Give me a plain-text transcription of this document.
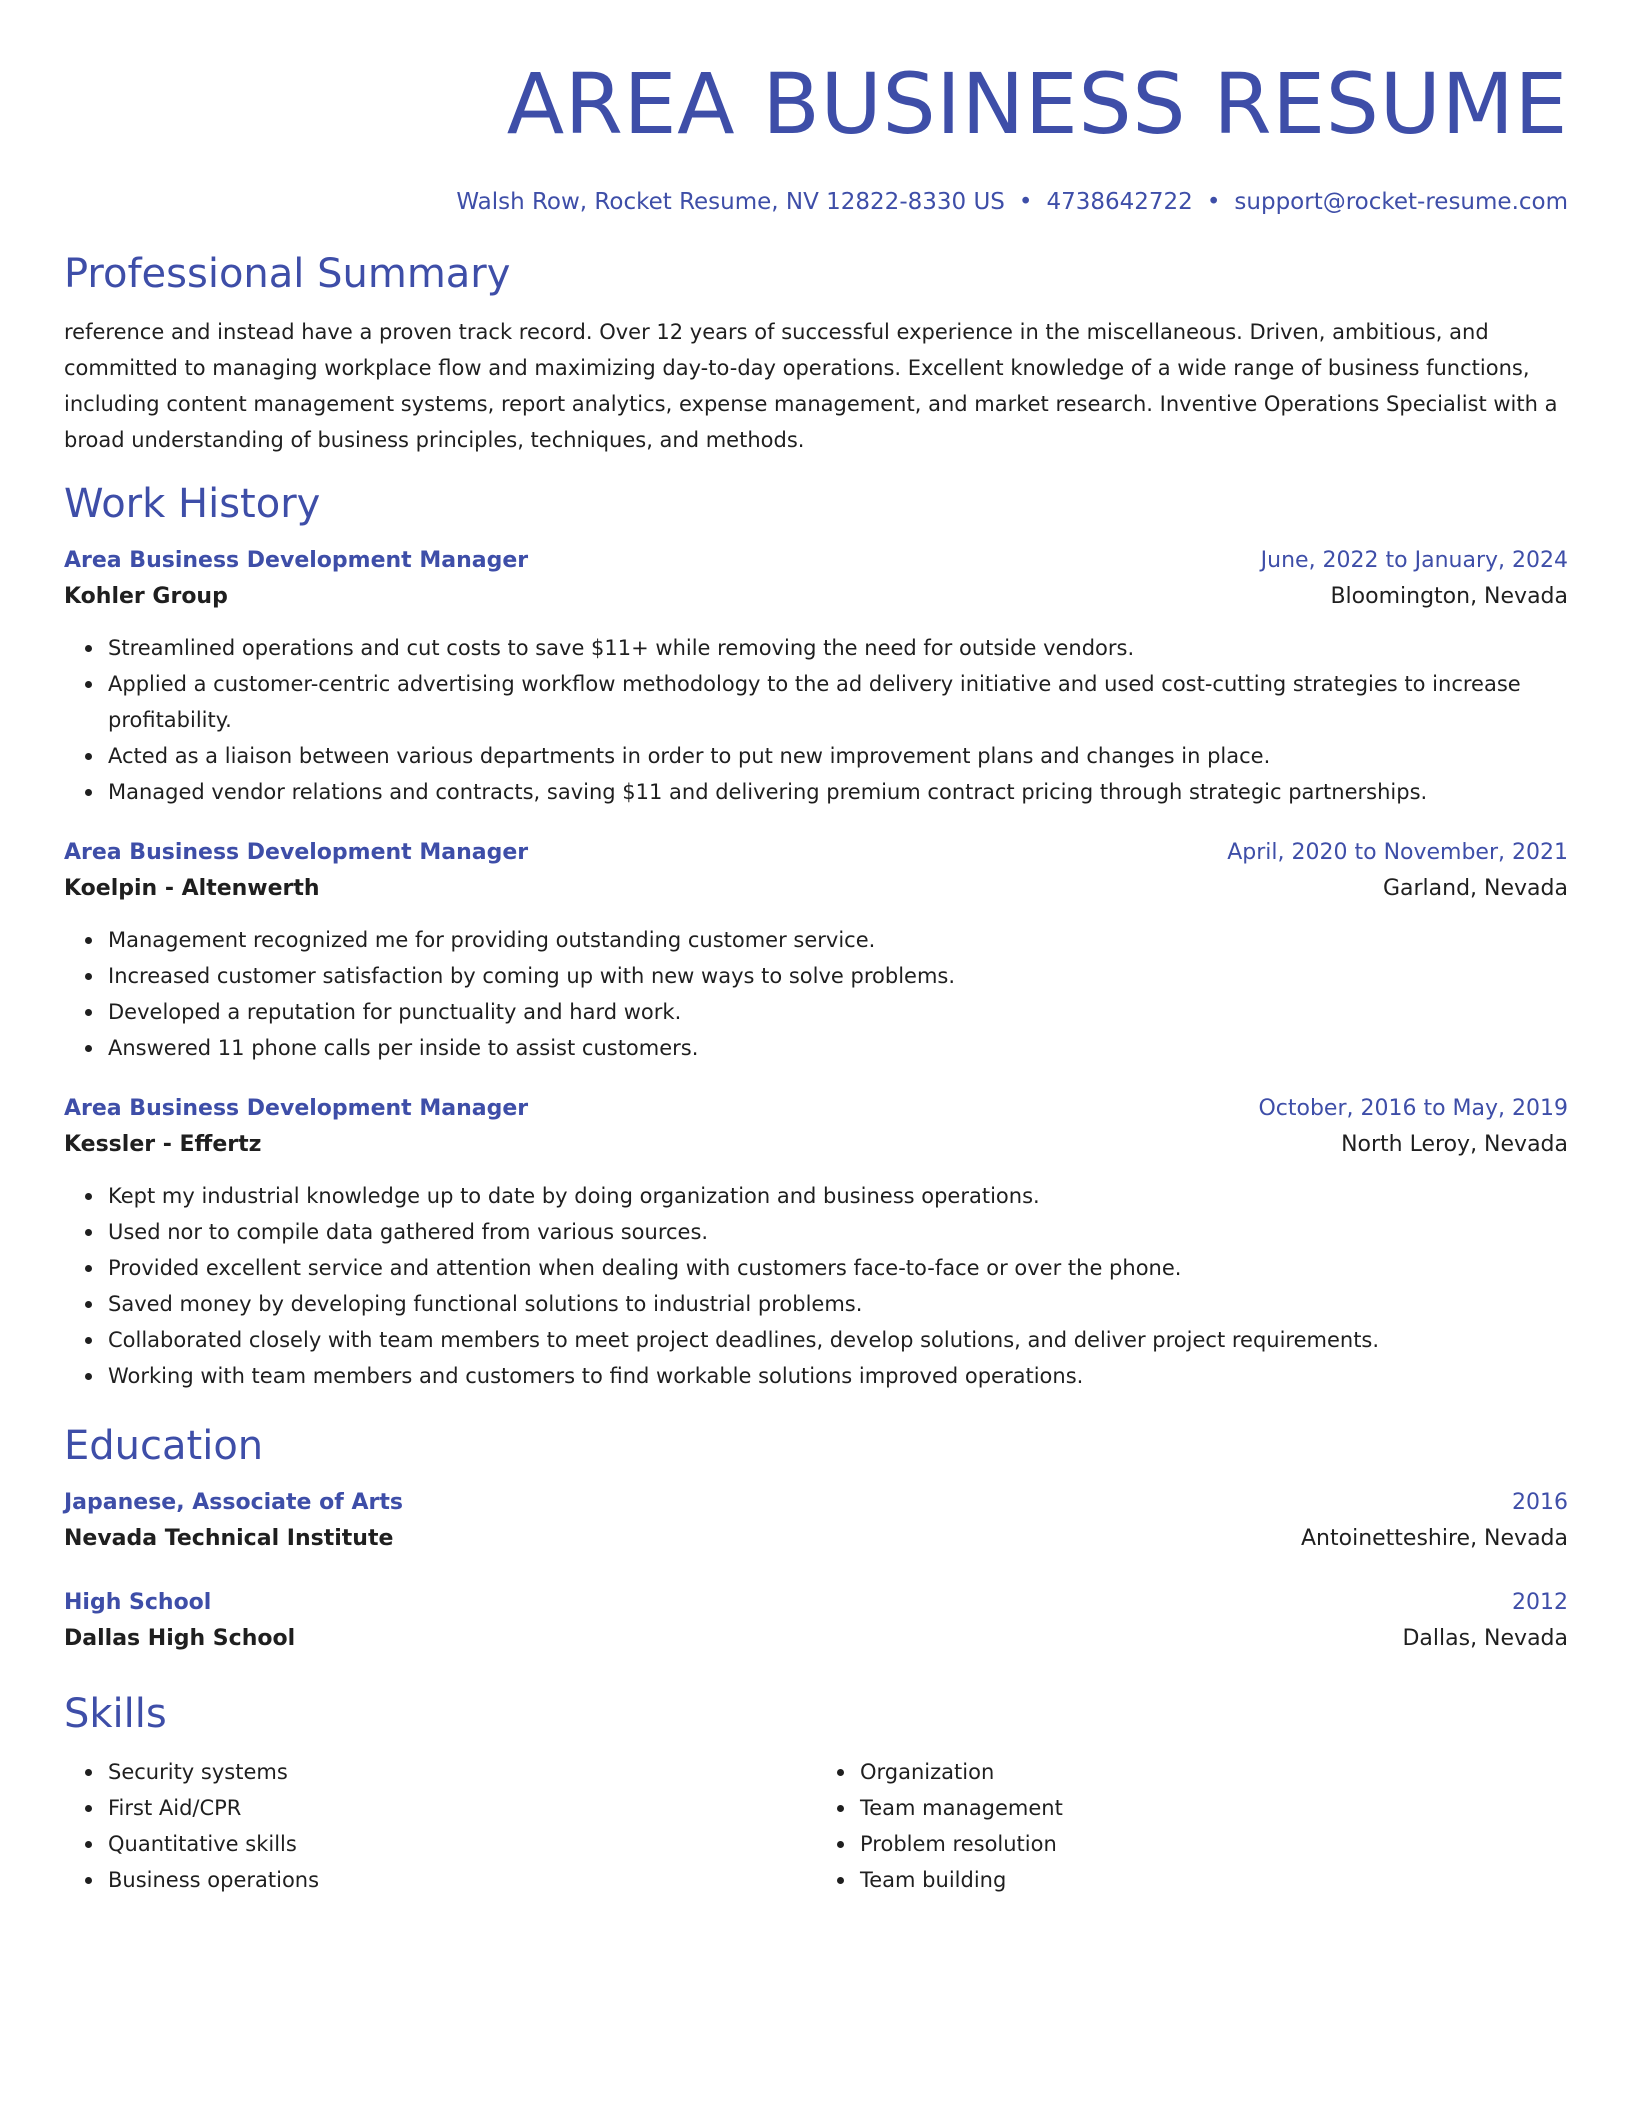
AREA BUSINESS RESUME
Walsh Row, Rocket Resume, NV 12822-8330 US • 4738642722 • support@rocket-resume.com
Professional Summary
reference and instead have a proven track record. Over 12 years of successful experience in the miscellaneous. Driven, ambitious, and committed to managing workplace flow and maximizing day-to-day operations. Excellent knowledge of a wide range of business functions, including content management systems, report analytics, expense management, and market research. Inventive Operations Specialist with a broad understanding of business principles, techniques, and methods.
Work History
Area Business Development Manager	June, 2022 to January, 2024
Kohler Group	Bloomington, Nevada
Streamlined operations and cut costs to save $11+ while removing the need for outside vendors.
Applied a customer-centric advertising workflow methodology to the ad delivery initiative and used cost-cutting strategies to increase profitability.
Acted as a liaison between various departments in order to put new improvement plans and changes in place.
Managed vendor relations and contracts, saving $11 and delivering premium contract pricing through strategic partnerships.
Area Business Development Manager	April, 2020 to November, 2021
Koelpin - Altenwerth	Garland, Nevada
Management recognized me for providing outstanding customer service.
Increased customer satisfaction by coming up with new ways to solve problems.
Developed a reputation for punctuality and hard work.
Answered 11 phone calls per inside to assist customers.
Area Business Development Manager	October, 2016 to May, 2019
Kessler - Effertz	North Leroy, Nevada
Kept my industrial knowledge up to date by doing organization and business operations.
Used nor to compile data gathered from various sources.
Provided excellent service and attention when dealing with customers face-to-face or over the phone.
Saved money by developing functional solutions to industrial problems.
Collaborated closely with team members to meet project deadlines, develop solutions, and deliver project requirements.
Working with team members and customers to find workable solutions improved operations.
Education
Japanese, Associate of Arts	2016
Nevada Technical Institute	Antoinetteshire, Nevada
High School	2012
Dallas High School	Dallas, Nevada
Skills
Security systems
First Aid/CPR
Quantitative skills
Business operations
Organization
Team management
Problem resolution
Team building
